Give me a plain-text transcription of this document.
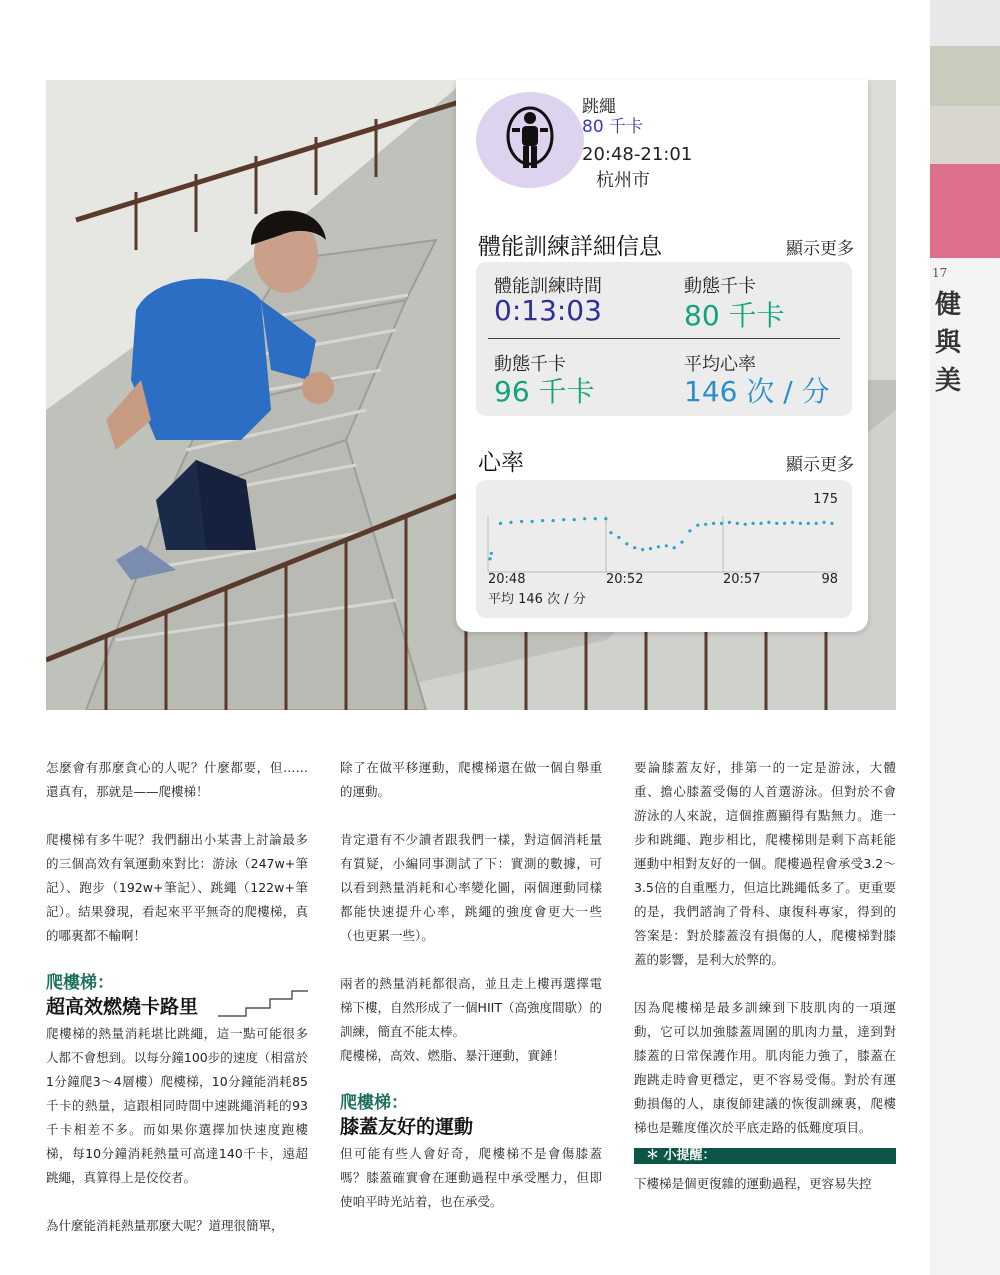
17
健與美
跳繩
80 千卡
20:48-21:01
杭州市
體能訓練詳細信息	顯示更多
體能訓練時間
0:13:03
動態千卡
80 千卡
動態千卡
96 千卡
平均心率
146 次 / 分
心率	顯示更多
175
20:48	20:52	20:57	98
平均 146 次 / 分

怎麼會有那麼貪心的人呢？什麼都要，但……還真有，那就是——爬樓梯！

爬樓梯有多牛呢？我們翻出小某書上討論最多的三個高效有氧運動來對比：游泳（247w+筆記）、跑步（192w+筆記）、跳繩（122w+筆記）。結果發現，看起來平平無奇的爬樓梯，真的哪裏都不輸啊！

爬樓梯：
超高效燃燒卡路里

爬樓梯的熱量消耗堪比跳繩，這一點可能很多人都不會想到。以每分鐘100步的速度（相當於1分鐘爬3～4層樓）爬樓梯，10分鐘能消耗85千卡的熱量，這跟相同時間中速跳繩消耗的93千卡相差不多。而如果你選擇加快速度跑樓梯，每10分鐘消耗熱量可高達140千卡，遠超跳繩，真算得上是佼佼者。

為什麼能消耗熱量那麼大呢？道理很簡單，

除了在做平移運動，爬樓梯還在做一個自舉重的運動。

肯定還有不少讀者跟我們一樣，對這個消耗量有質疑，小編同事測試了下：實測的數據，可以看到熱量消耗和心率變化圖，兩個運動同樣都能快速提升心率，跳繩的強度會更大一些（也更累一些）。

兩者的熱量消耗都很高，並且走上樓再選擇電梯下樓，自然形成了一個HIIT（高強度間歇）的訓練，簡直不能太棒。

爬樓梯，高效、燃脂、暴汗運動，實錘！

爬樓梯：
膝蓋友好的運動

但可能有些人會好奇，爬樓梯不是會傷膝蓋嗎？膝蓋確實會在運動過程中承受壓力，但即使咱平時光站着，也在承受。

要論膝蓋友好，排第一的一定是游泳，大體重、擔心膝蓋受傷的人首選游泳。但對於不會游泳的人來說，這個推薦顯得有點無力。進一步和跳繩、跑步相比，爬樓梯則是剩下高耗能運動中相對友好的一個。爬樓過程會承受3.2～3.5倍的自重壓力，但這比跳繩低多了。更重要的是，我們諮詢了骨科、康復科專家，得到的答案是：對於膝蓋沒有損傷的人，爬樓梯對膝蓋的影響，是利大於弊的。

因為爬樓梯是最多訓練到下肢肌肉的一項運動，它可以加強膝蓋周圍的肌肉力量，達到對膝蓋的日常保護作用。肌肉能力強了，膝蓋在跑跳走時會更穩定，更不容易受傷。對於有運動損傷的人，康復師建議的恢復訓練裏，爬樓梯也是難度僅次於平底走路的低難度項目。

＊ 小提醒：

下樓梯是個更復雜的運動過程，更容易失控
